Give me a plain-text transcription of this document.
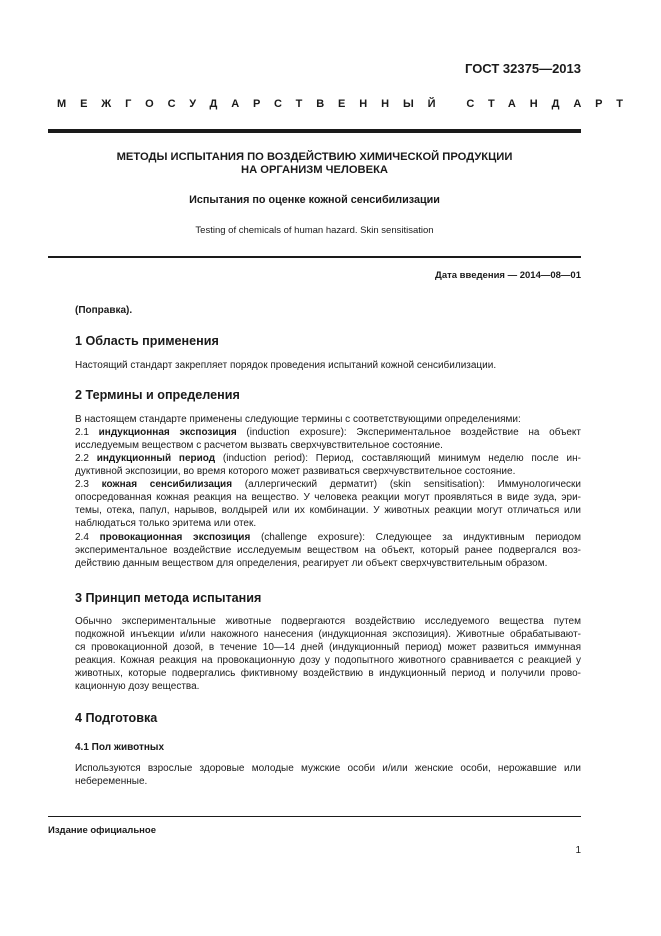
ГОСТ 32375—2013
МЕЖГОСУДАРСТВЕННЫЙ СТАНДАРТ
МЕТОДЫ ИСПЫТАНИЯ ПО ВОЗДЕЙСТВИЮ ХИМИЧЕСКОЙ ПРОДУКЦИИ
НА ОРГАНИЗМ ЧЕЛОВЕКА
Испытания по оценке кожной сенсибилизации
Testing of chemicals of human hazard. Skin sensitisation
Дата введения — 2014—08—01
(Поправка).
1 Область применения
Настоящий стандарт закрепляет порядок проведения испытаний кожной сенсибилизации.
2 Термины и определения
В настоящем стандарте применены следующие термины с соответствующими определениями:
2.1 индукционная экспозиция (induction exposure): Экспериментальное воздействие на объект
исследуемым веществом с расчетом вызвать сверхчувствительное состояние.
2.2 индукционный период (induction period): Период, составляющий минимум неделю после ин-
дуктивной экспозиции, во время которого может развиваться сверхчувствительное состояние.
2.3 кожная сенсибилизация (аллергический дерматит) (skin sensitisation): Иммунологически
опосредованная кожная реакция на вещество. У человека реакции могут проявляться в виде зуда, эри-
темы, отека, папул, нарывов, волдырей или их комбинации. У животных реакции могут отличаться или
наблюдаться только эритема или отек.
2.4 провокационная экспозиция (challenge exposure): Следующее за индуктивным периодом
экспериментальное воздействие исследуемым веществом на объект, который ранее подвергался воз-
действию данным веществом для определения, реагирует ли объект сверхчувствительным образом.
3 Принцип метода испытания
Обычно экспериментальные животные подвергаются воздействию исследуемого вещества путем
подкожной инъекции и/или накожного нанесения (индукционная экспозиция). Животные обрабатывают-
ся провокационной дозой, в течение 10—14 дней (индукционный период) может развиться иммунная
реакция. Кожная реакция на провокационную дозу у подопытного животного сравнивается с реакцией у
животных, которые подвергались фиктивному воздействию в индукционный период и получили прово-
кационную дозу вещества.
4 Подготовка
4.1 Пол животных
Используются взрослые здоровые молодые мужские особи и/или женские особи, нерожавшие или
небеременные.
Издание официальное
1
